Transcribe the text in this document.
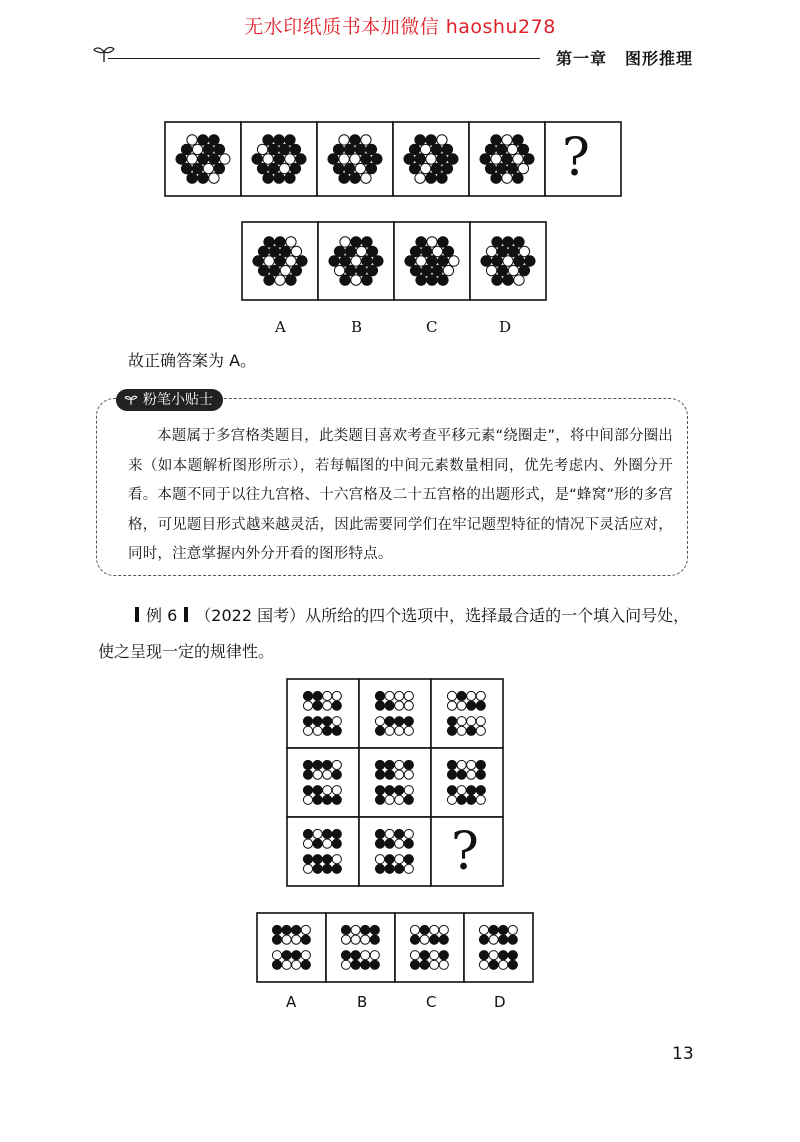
无水印纸质书本加微信 haoshu278
第一章 图形推理
A	B	C	D
?
故正确答案为 A。
粉笔小贴士
本题属于多宫格类题目，此类题目喜欢考查平移元素“绕圈走”，将中间部分圈出来（如本题解析图形所示），若每幅图的中间元素数量相同，优先考虑内、外圈分开看。本题不同于以往九宫格、十六宫格及二十五宫格的出题形式，是“蜂窝”形的多宫格，可见题目形式越来越灵活，因此需要同学们在牢记题型特征的情况下灵活应对，同时，注意掌握内外分开看的图形特点。
例 6 （2022 国考） 从所给的四个选项中，选择最合适的一个填入问号处，
使之呈现一定的规律性。
?
A	B	C	D
13
